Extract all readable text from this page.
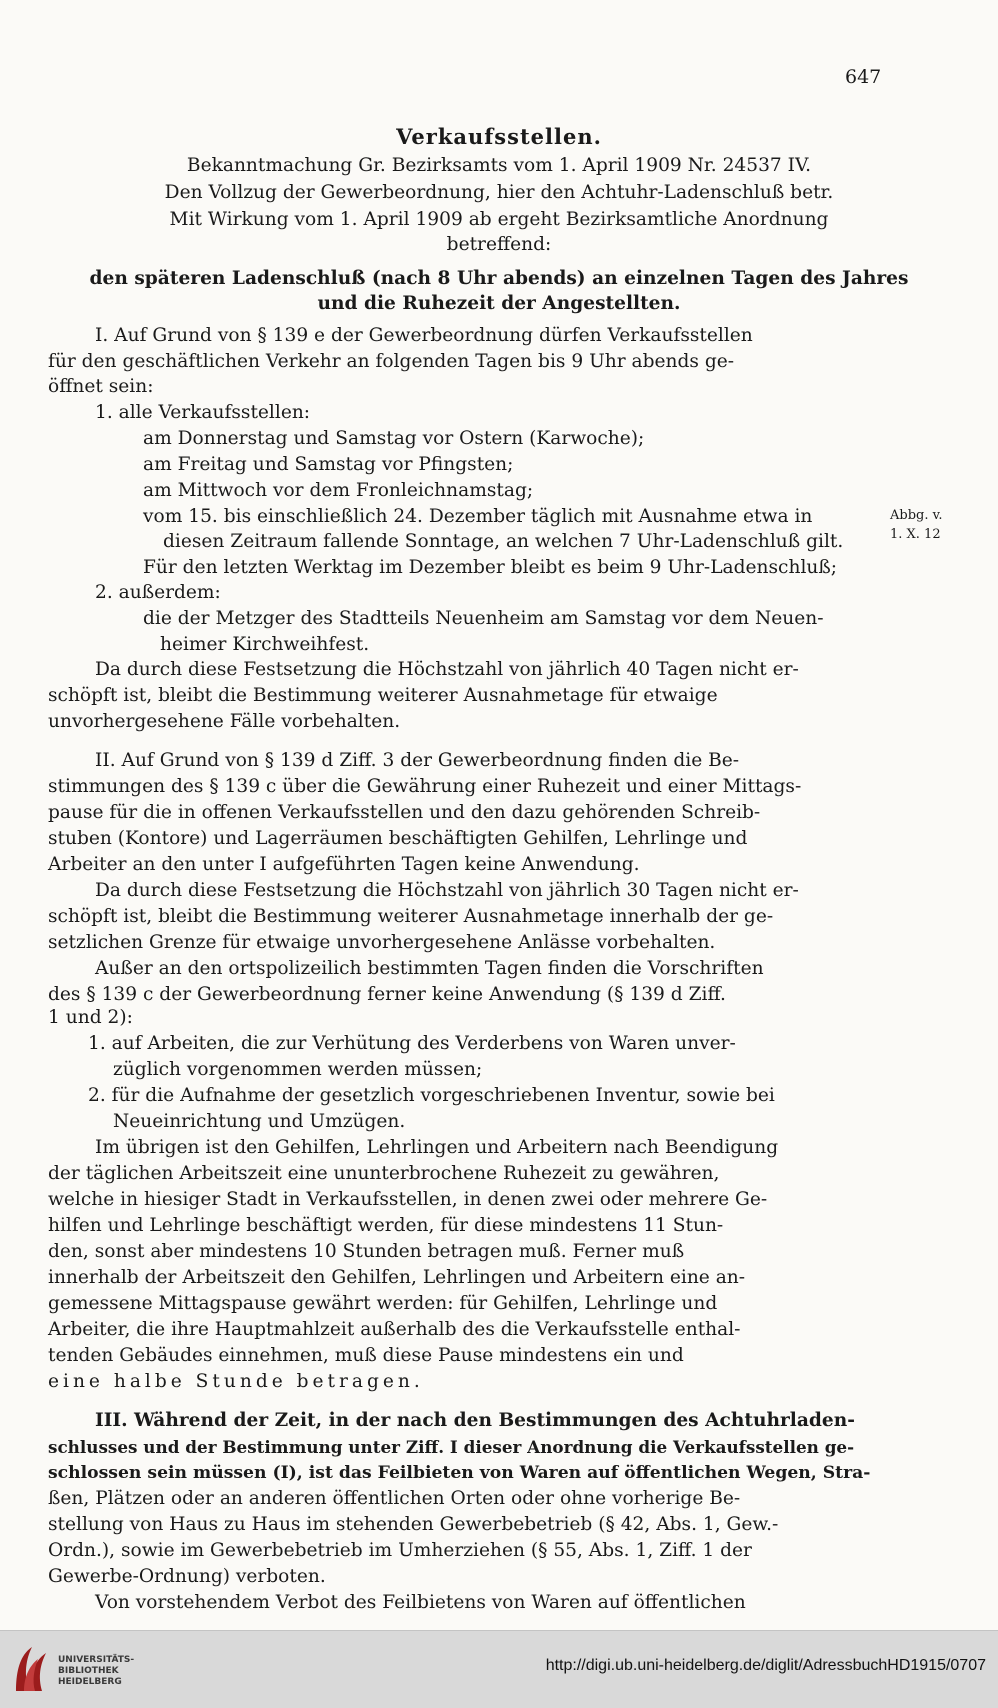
647
Verkaufsstellen.
Bekanntmachung Gr. Bezirksamts vom 1. April 1909 Nr. 24537 IV.
Den Vollzug der Gewerbeordnung, hier den Achtuhr-Ladenschluß betr.
Mit Wirkung vom 1. April 1909 ab ergeht Bezirksamtliche Anordnung
betreffend:
den späteren Ladenschluß (nach 8 Uhr abends) an einzelnen Tagen des Jahres
und die Ruhezeit der Angestellten.
I. Auf Grund von § 139 e der Gewerbeordnung dürfen Verkaufsstellen
für den geschäftlichen Verkehr an folgenden Tagen bis 9 Uhr abends ge-
öffnet sein:
1. alle Verkaufsstellen:
am Donnerstag und Samstag vor Ostern (Karwoche);
am Freitag und Samstag vor Pfingsten;
am Mittwoch vor dem Fronleichnamstag;
vom 15. bis einschließlich 24. Dezember täglich mit Ausnahme etwa in
diesen Zeitraum fallende Sonntage, an welchen 7 Uhr-Ladenschluß gilt.
Für den letzten Werktag im Dezember bleibt es beim 9 Uhr-Ladenschluß;
2. außerdem:
die der Metzger des Stadtteils Neuenheim am Samstag vor dem Neuen-
heimer Kirchweihfest.
Da durch diese Festsetzung die Höchstzahl von jährlich 40 Tagen nicht er-
schöpft ist, bleibt die Bestimmung weiterer Ausnahmetage für etwaige
unvorhergesehene Fälle vorbehalten.
Abbg. v.
1. X. 12
II. Auf Grund von § 139 d Ziff. 3 der Gewerbeordnung finden die Be-
stimmungen des § 139 c über die Gewährung einer Ruhezeit und einer Mittags-
pause für die in offenen Verkaufsstellen und den dazu gehörenden Schreib-
stuben (Kontore) und Lagerräumen beschäftigten Gehilfen, Lehrlinge und
Arbeiter an den unter I aufgeführten Tagen keine Anwendung.
Da durch diese Festsetzung die Höchstzahl von jährlich 30 Tagen nicht er-
schöpft ist, bleibt die Bestimmung weiterer Ausnahmetage innerhalb der ge-
setzlichen Grenze für etwaige unvorhergesehene Anlässe vorbehalten.
Außer an den ortspolizeilich bestimmten Tagen finden die Vorschriften
des § 139 c der Gewerbeordnung ferner keine Anwendung (§ 139 d Ziff.
1 und 2):
1. auf Arbeiten, die zur Verhütung des Verderbens von Waren unver-
züglich vorgenommen werden müssen;
2. für die Aufnahme der gesetzlich vorgeschriebenen Inventur, sowie bei
Neueinrichtung und Umzügen.
Im übrigen ist den Gehilfen, Lehrlingen und Arbeitern nach Beendigung
der täglichen Arbeitszeit eine ununterbrochene Ruhezeit zu gewähren,
welche in hiesiger Stadt in Verkaufsstellen, in denen zwei oder mehrere Ge-
hilfen und Lehrlinge beschäftigt werden, für diese mindestens 11 Stun-
den, sonst aber mindestens 10 Stunden betragen muß. Ferner muß
innerhalb der Arbeitszeit den Gehilfen, Lehrlingen und Arbeitern eine an-
gemessene Mittagspause gewährt werden: für Gehilfen, Lehrlinge und
Arbeiter, die ihre Hauptmahlzeit außerhalb des die Verkaufsstelle enthal-
tenden Gebäudes einnehmen, muß diese Pause mindestens ein und
eine halbe Stunde betragen.
III. Während der Zeit, in der nach den Bestimmungen des Achtuhrladen-
schlusses und der Bestimmung unter Ziff. I dieser Anordnung die Verkaufsstellen ge-
schlossen sein müssen (I), ist das Feilbieten von Waren auf öffentlichen Wegen, Stra-
ßen, Plätzen oder an anderen öffentlichen Orten oder ohne vorherige Be-
stellung von Haus zu Haus im stehenden Gewerbebetrieb (§ 42, Abs. 1, Gew.-
Ordn.), sowie im Gewerbebetrieb im Umherziehen (§ 55, Abs. 1, Ziff. 1 der
Gewerbe-Ordnung) verboten.
Von vorstehendem Verbot des Feilbietens von Waren auf öffentlichen
UNIVERSITÄTS-
BIBLIOTHEK
HEIDELBERG
http://digi.ub.uni-heidelberg.de/diglit/AdressbuchHD1915/0707
